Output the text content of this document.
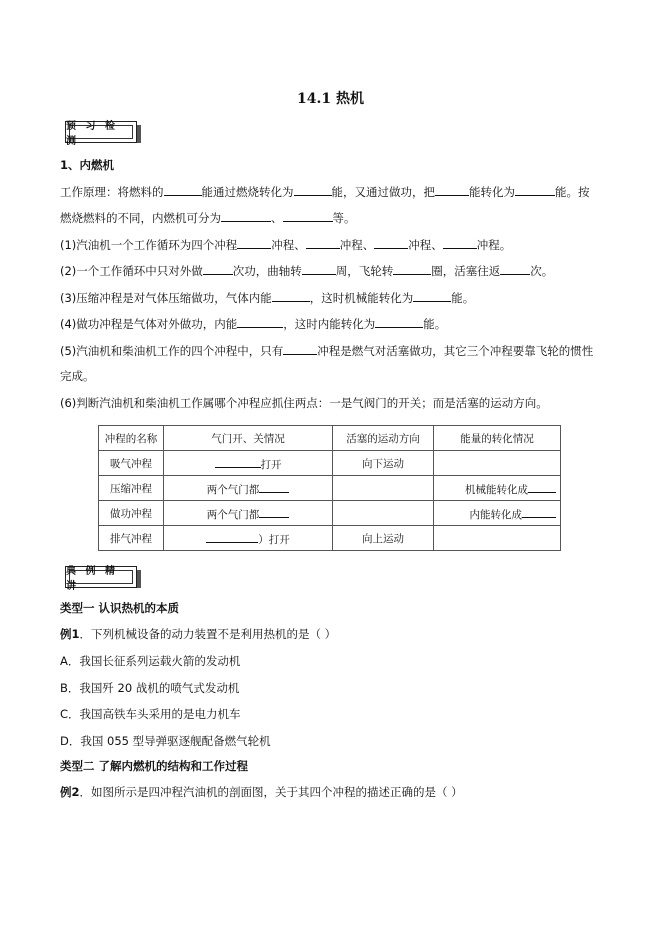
14.1 热机
预 习 检 测
1、内燃机
工作原理：将燃料的	能通过燃烧转化为	能，又通过做功，把	能转化为	能。按
燃烧燃料的不同，内燃机可分为	、	等。
(1)汽油机一个工作循环为四个冲程	冲程、	冲程、	冲程、	冲程。
(2)一个工作循环中只对外做	次功，曲轴转	周，飞轮转	圈，活塞往返	次。
(3)压缩冲程是对气体压缩做功，气体内能	，这时机械能转化为	能。
(4)做功冲程是气体对外做功，内能	，这时内能转化为	能。
(5)汽油机和柴油机工作的四个冲程中，只有	冲程是燃气对活塞做功，其它三个冲程要靠飞轮的惯性
完成。
(6)判断汽油机和柴油机工作属哪个冲程应抓住两点：一是气阀门的开关；而是活塞的运动方向。
冲程的名称	气门开、关情况	活塞的运动方向	能量的转化情况
吸气冲程	打开	向下运动	
压缩冲程	两个气门都		机械能转化成
做功冲程	两个气门都		内能转化成
排气冲程	）打开	向上运动	
典 例 精 讲
类型一 认识热机的本质
例1．下列机械设备的动力装置不是利用热机的是（ ）
A．我国长征系列运载火箭的发动机
B．我国歼 20 战机的喷气式发动机
C．我国高铁车头采用的是电力机车
D．我国 055 型导弹驱逐舰配备燃气轮机
类型二 了解内燃机的结构和工作过程
例2．如图所示是四冲程汽油机的剖面图，关于其四个冲程的描述正确的是（ ）
